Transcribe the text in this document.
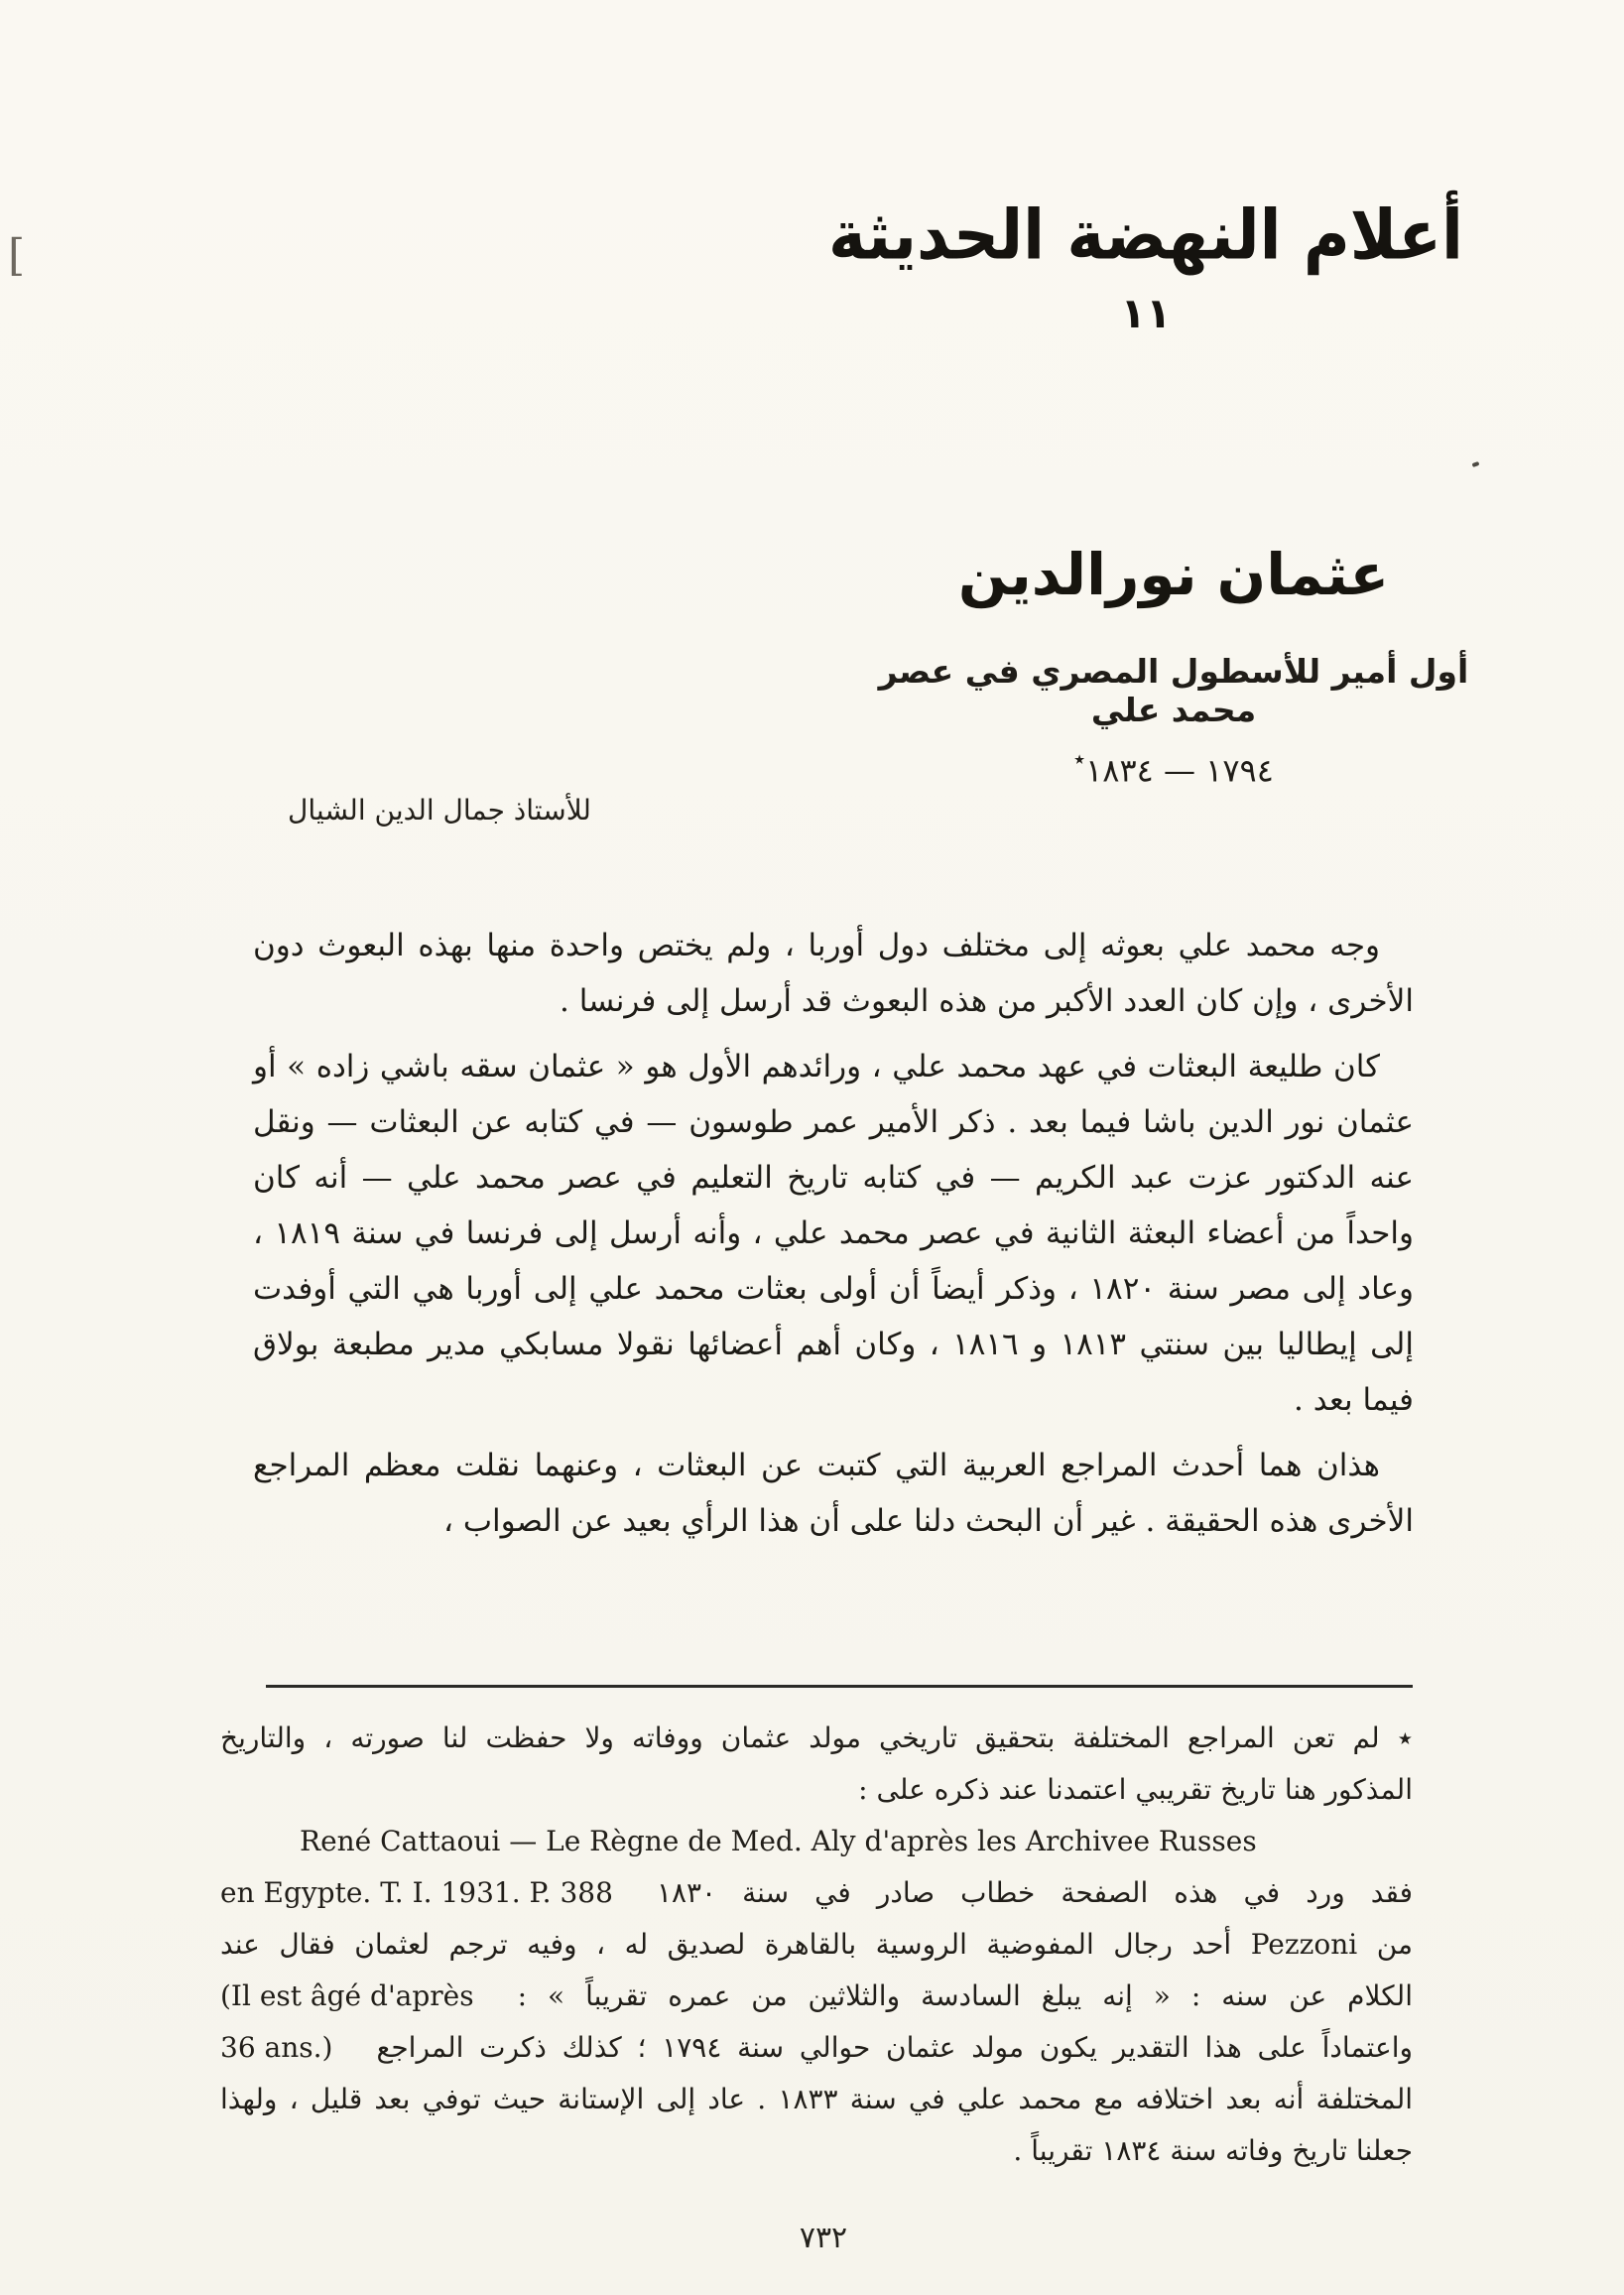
[	أعلام النهضة الحديثة
١١
عثمان نورالدين
أول أمير للأسطول المصري في عصر محمد علي
١٧٩٤ — ١٨٣٤٭
للأستاذ جمال الدين الشيال

وجه محمد علي بعوثه إلى مختلف دول أوربا ، ولم يختص واحدة منها بهذه البعوث دون الأخرى ، وإن كان العدد الأكبر من هذه البعوث قد أرسل إلى فرنسا .

كان طليعة البعثات في عهد محمد علي ، ورائدهم الأول هو « عثمان سقه باشي زاده » أو عثمان نور الدين باشا فيما بعد . ذكر الأمير عمر طوسون — في كتابه عن البعثات — ونقل عنه الدكتور عزت عبد الكريم — في كتابه تاريخ التعليم في عصر محمد علي — أنه كان واحداً من أعضاء البعثة الثانية في عصر محمد علي ، وأنه أرسل إلى فرنسا في سنة ١٨١٩ ، وعاد إلى مصر سنة ١٨٢٠ ، وذكر أيضاً أن أولى بعثات محمد علي إلى أوربا هي التي أوفدت إلى إيطاليا بين سنتي ١٨١٣ و ١٨١٦ ، وكان أهم أعضائها نقولا مسابكي مدير مطبعة بولاق فيما بعد .

هذان هما أحدث المراجع العربية التي كتبت عن البعثات ، وعنهما نقلت معظم المراجع الأخرى هذه الحقيقة . غير أن البحث دلنا على أن هذا الرأي بعيد عن الصواب ،

٭ لم تعن المراجع المختلفة بتحقيق تاريخي مولد عثمان ووفاته ولا حفظت لنا صورته ، والتاريخ
المذكور هنا تاريخ تقريبي اعتمدنا عند ذكره على :
René Cattaoui — Le Règne de Med. Aly d'après les Archivee Russes
en Egypte. T. I. 1931. P. 388 فقد ورد في هذه الصفحة خطاب صادر في سنة ١٨٣٠
من Pezzoni أحد رجال المفوضية الروسية بالقاهرة لصديق له ، وفيه ترجم لعثمان فقال عند
(Il est âgé d'après الكلام عن سنه : « إنه يبلغ السادسة والثلاثين من عمره تقريباً » :
36 ans.) واعتماداً على هذا التقدير يكون مولد عثمان حوالي سنة ١٧٩٤ ؛ كذلك ذكرت المراجع
المختلفة أنه بعد اختلافه مع محمد علي في سنة ١٨٣٣ . عاد إلى الإستانة حيث توفي بعد قليل ، ولهذا
جعلنا تاريخ وفاته سنة ١٨٣٤ تقريباً .
٧٣٢
